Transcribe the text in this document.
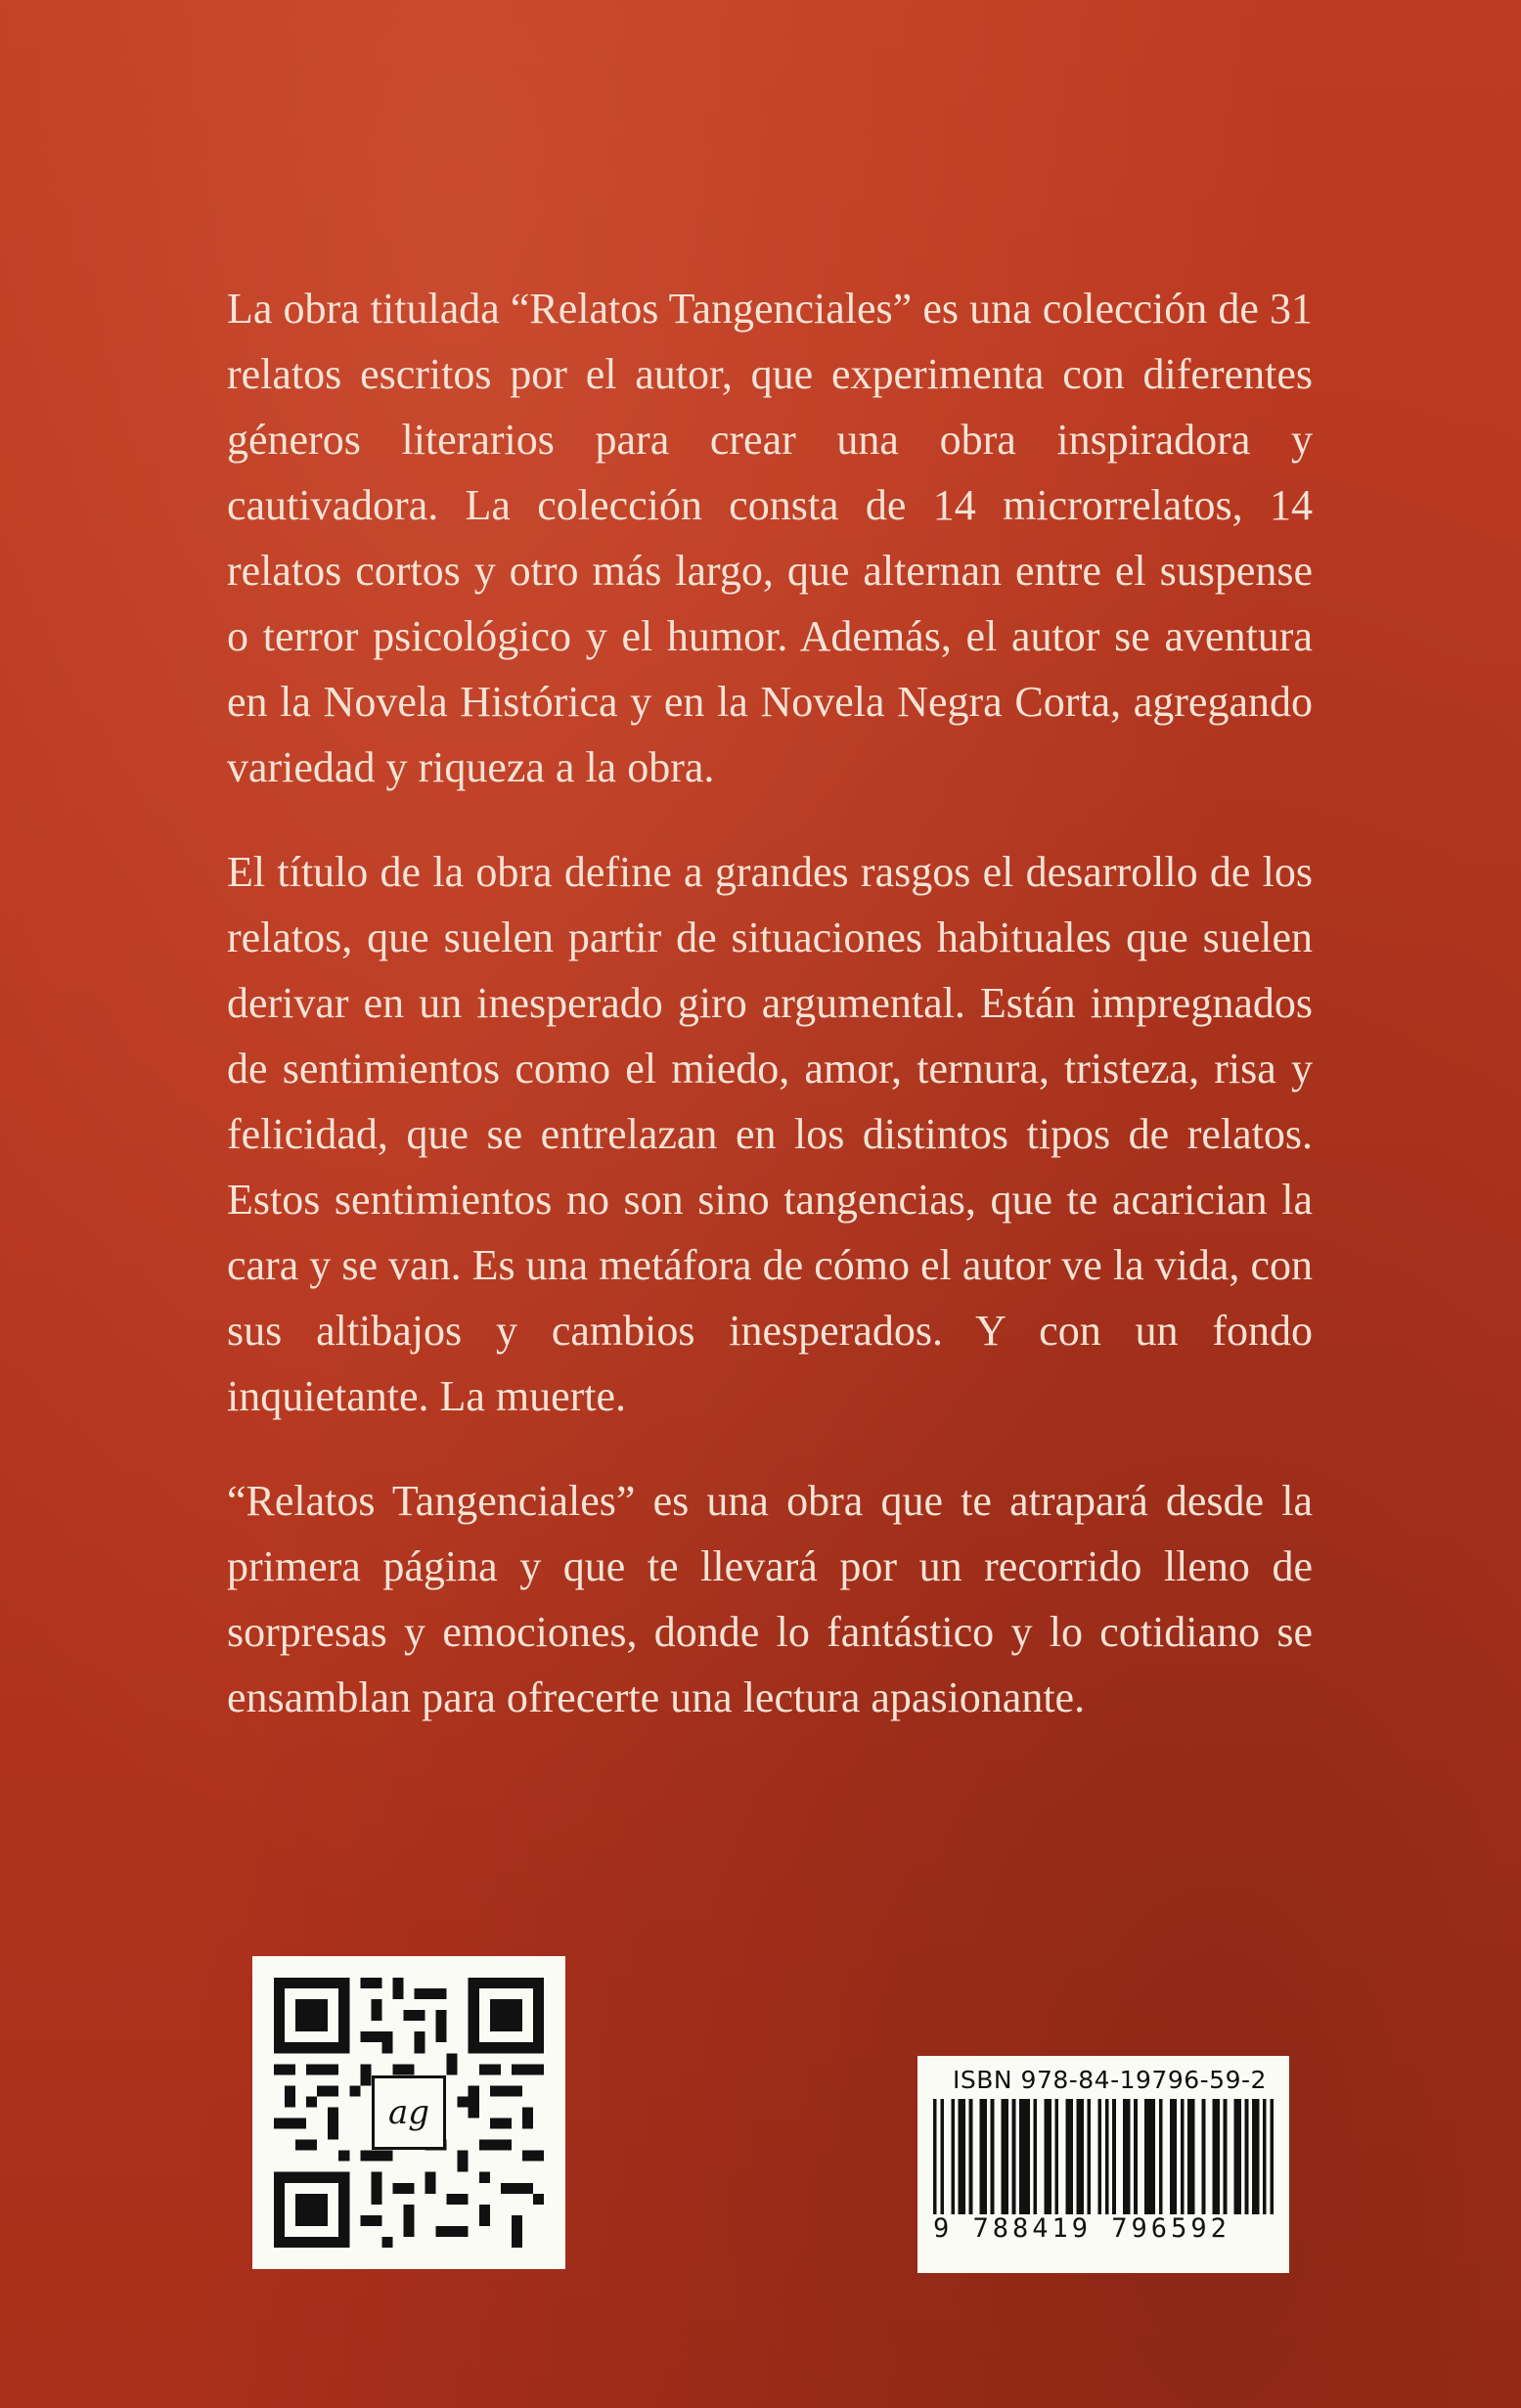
La obra titulada “Relatos Tangenciales” es una colección de 31 relatos escritos por el autor, que experimenta con diferentes géneros literarios para crear una obra inspiradora y cautivadora. La colección consta de 14 microrrelatos, 14 relatos cortos y otro más largo, que alternan entre el suspense o terror psicológico y el humor. Además, el autor se aventura en la Novela Histórica y en la Novela Negra Corta, agregando variedad y riqueza a la obra.

El título de la obra define a grandes rasgos el desarrollo de los relatos, que suelen partir de situaciones habituales que suelen derivar en un inesperado giro argumental. Están impregnados de sentimientos como el miedo, amor, ternura, tristeza, risa y felicidad, que se entrelazan en los distintos tipos de relatos. Estos sentimientos no son sino tangencias, que te acarician la cara y se van. Es una metáfora de cómo el autor ve la vida, con sus altibajos y cambios inesperados. Y con un fondo inquietante. La muerte.

“Relatos Tangenciales” es una obra que te atrapará desde la primera página y que te llevará por un recorrido lleno de sorpresas y emociones, donde lo fantástico y lo cotidiano se ensamblan para ofrecerte una lectura apasionante.

ag
ISBN 978-84-19796-59-2
9 788419 796592
